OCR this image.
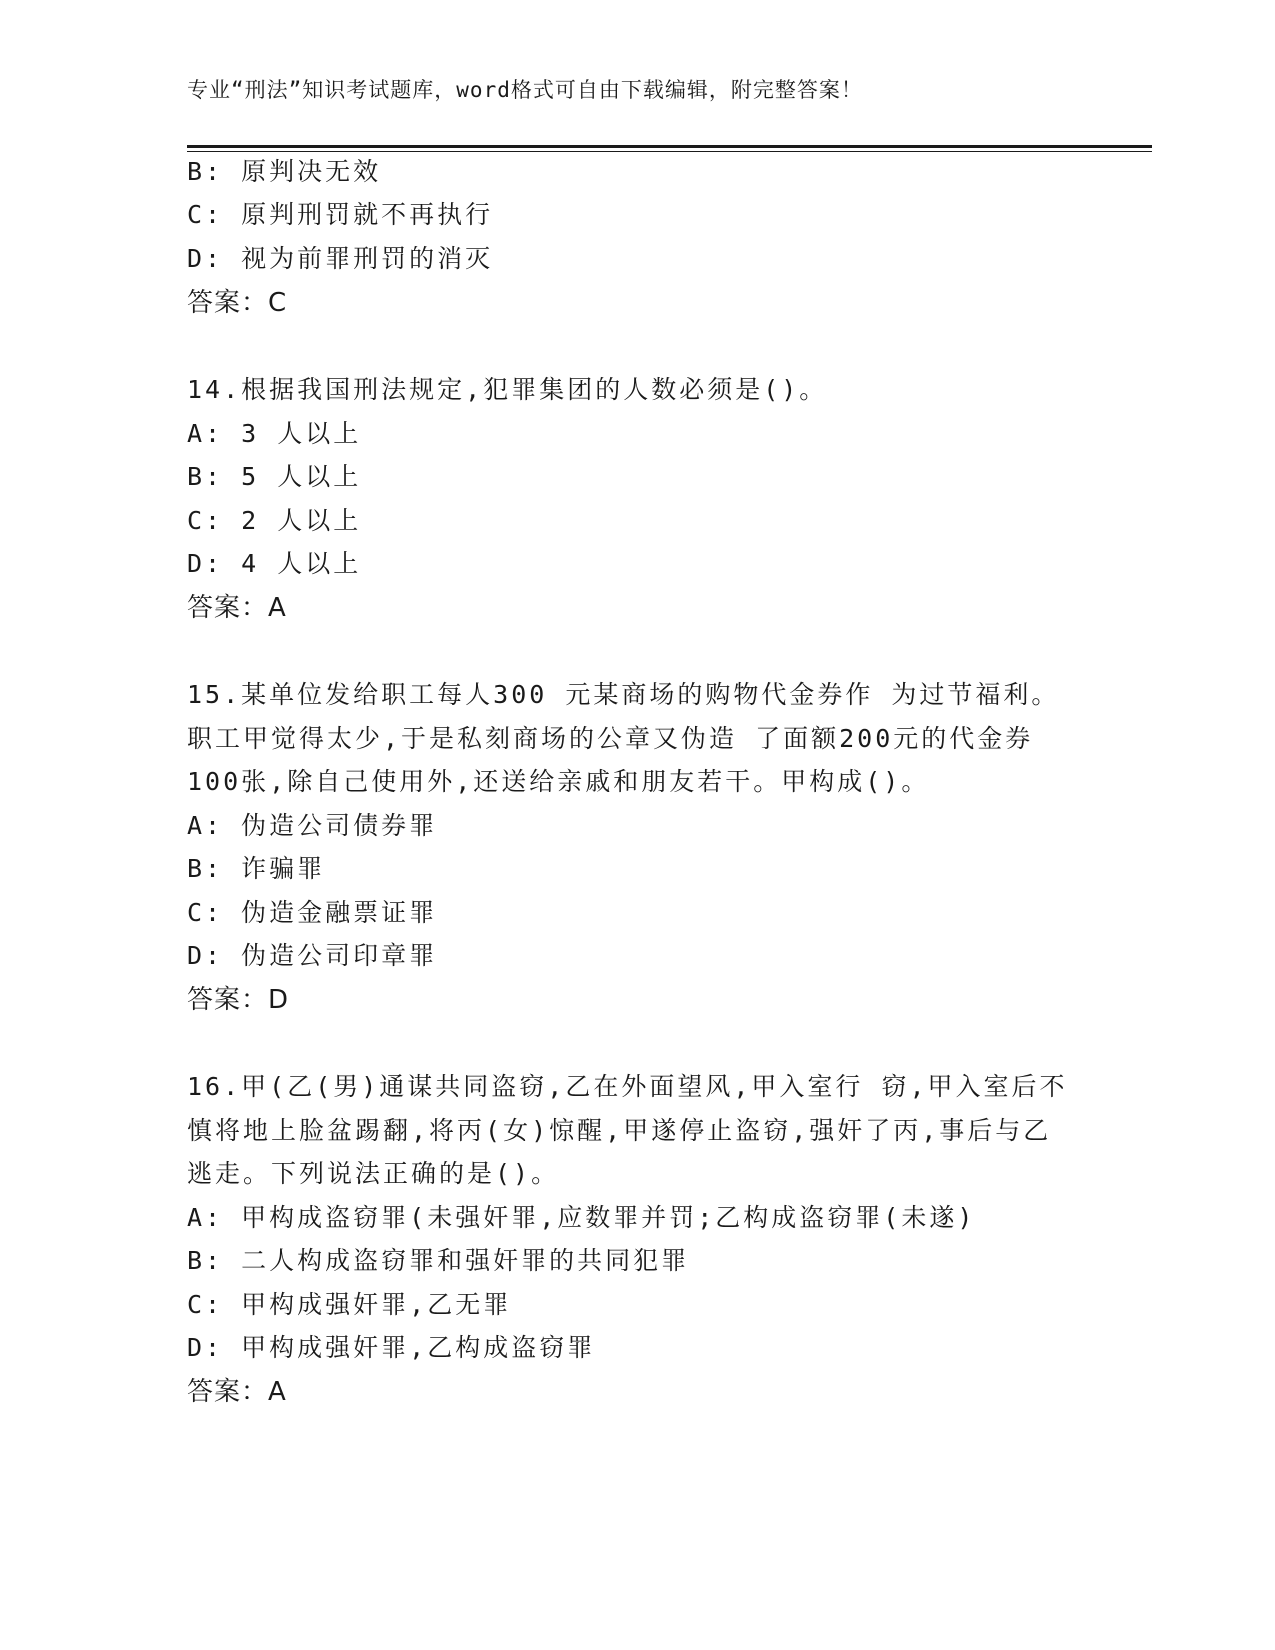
专业“刑法”知识考试题库，word格式可自由下载编辑，附完整答案！
B: 原判决无效
C: 原判刑罚就不再执行
D: 视为前罪刑罚的消灭
答案：C
14.根据我国刑法规定,犯罪集团的人数必须是()。
A: 3 人以上
B: 5 人以上
C: 2 人以上
D: 4 人以上
答案：A
15.某单位发给职工每人300 元某商场的购物代金券作 为过节福利。
职工甲觉得太少,于是私刻商场的公章又伪造 了面额200元的代金券
100张,除自己使用外,还送给亲戚和朋友若干。甲构成()。
A: 伪造公司债券罪
B: 诈骗罪
C: 伪造金融票证罪
D: 伪造公司印章罪
答案：D
16.甲(乙(男)通谋共同盗窃,乙在外面望风,甲入室行 窃,甲入室后不
慎将地上脸盆踢翻,将丙(女)惊醒,甲遂停止盗窃,强奸了丙,事后与乙
逃走。下列说法正确的是()。
A: 甲构成盗窃罪(未强奸罪,应数罪并罚;乙构成盗窃罪(未遂)
B: 二人构成盗窃罪和强奸罪的共同犯罪
C: 甲构成强奸罪,乙无罪
D: 甲构成强奸罪,乙构成盗窃罪
答案：A
